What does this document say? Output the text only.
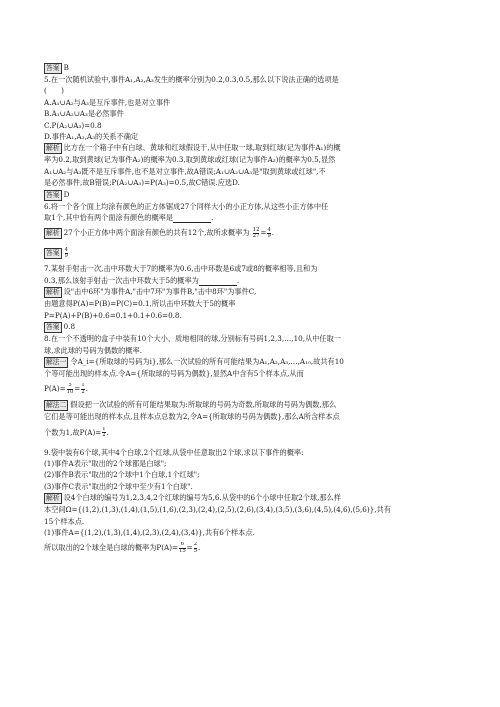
答案 B
5.在一次随机试验中,事件A₁,A₂,A₃发生的概率分别为0.2,0.3,0.5,那么以下说法正确的选项是
(　　)
A.A₁∪A₂与A₃是互斥事件,也是对立事件
B.A₁∪A₂∪A₃是必然事件
C.P(A₂∪A₃)=0.8
D.事件A₁,A₂,A₃的关系不确定
解析 比方在一个箱子中有白球、黄球和红球假设干,从中任取一球,取到红球(记为事件A₁)的概
率为0.2,取到黄球(记为事件A₂)的概率为0.3,取到黄球或红球(记为事件A₃)的概率为0.5,显然
A₁∪A₂与A₃既不是互斥事件,也不是对立事件,故A错误;A₁∪A₂∪A₃是"取到黄球或红球",不
是必然事件,故B错误;P(A₂∪A₃)=P(A₃)=0.5,故C错误.应选D.
答案 D
6.将一个各个面上均涂有颜色的正方体锯成27个同样大小的小正方体,从这些小正方体中任
取1个,其中恰有两个面涂有颜色的概率是	.
解析 27个小正方体中两个面涂有颜色的共有12个,故所求概率为 $\frac{12}{27} = \frac{4}{9}$ .
答案 $\frac{4}{9}$
7.某射手射击一次,击中环数大于7的概率为0.6,击中环数是6或7或8的概率相等,且和为
0.3,那么该射手射击一次击中环数大于5的概率为	.
解析 设"击中6环"为事件A,"击中7环"为事件B,"击中8环"为事件C,
由题意得P(A)=P(B)=P(C)=0.1,所以击中环数大于5的概率
P=P(A)+P(B)+0.6=0.1+0.1+0.6=0.8.
答案 0.8
8.在一个不透明的盒子中装有10个大小、质地相同的球,分别标有号码1,2,3,…,10,从中任取一
球,求此球的号码为偶数的概率.
解法一 令A_i={所取球的号码为i},那么一次试验的所有可能结果为A₁,A₂,A₃,…,A₁₀,故共有10
个等可能出现的样本点.令A={所取球的号码为偶数},显然A中含有5个样本点,从而
$P(A)= \frac{5}{10} = \frac{1}{2}$ .
解法二 假设把一次试验的所有可能结果取为:所取球的号码为奇数,所取球的号码为偶数,那么
它们是等可能出现的样本点,且样本点总数为2,令A={所取球的号码为偶数},那么A所含样本点
个数为1,故$P(A)= \frac{1}{2}$ .
9.袋中装有6个球,其中4个白球,2个红球,从袋中任意取出2个球,求以下事件的概率:
(1)事件A表示"取出的2个球都是白球";
(2)事件B表示"取出的2个球中1个白球,1个红球";
(3)事件C表示"取出的2个球中至少有1个白球".
解析 设4个白球的编号为1,2,3,4,2个红球的编号为5,6.从袋中的6个小球中任取2个球,那么样
本空间Ω={(1,2),(1,3),(1,4),(1,5),(1,6),(2,3),(2,4),(2,5),(2,6),(3,4),(3,5),(3,6),(4,5),(4,6),(5,6)},共有
15个样本点.
(1)事件A={(1,2),(1,3),(1,4),(2,3),(2,4),(3,4)},共有6个样本点.
所以取出的2个球全是白球的概率为$P(A)= \frac{6}{15} = \frac{2}{5}$ .
